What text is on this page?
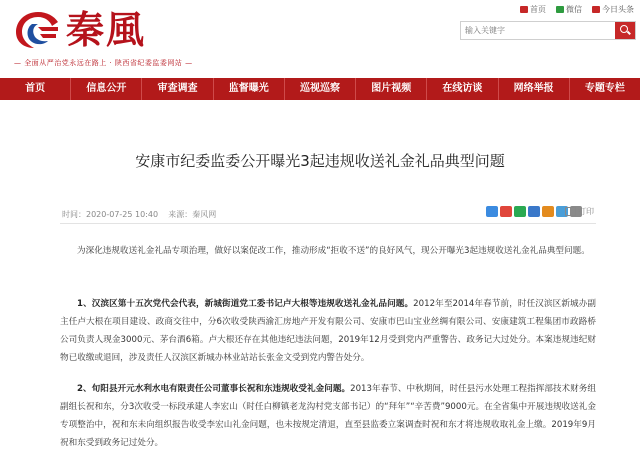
秦風
— 全面从严治党永远在路上 · 陕西省纪委监委网站 —
首页	微信	今日头条
输入关键字
首页	信息公开	审查调查	监督曝光	巡视巡察	图片视频	在线访谈	网络举报	专题专栏
安康市纪委监委公开曝光3起违规收送礼金礼品典型问题
时间：2020-07-25 10:40 来源：秦风网	打印

为深化违规收送礼金礼品专项治理，做好以案促改工作，推动形成“拒收不送”的良好风气，现公开曝光3起违规收送礼金礼品典型问题。

1、汉滨区第十五次党代会代表，新城街道党工委书记卢大根等违规收送礼金礼品问题。2012年至2014年春节前，时任汉滨区新城办副主任卢大根在项目建设、政商交往中，分6次收受陕西渝汇房地产开发有限公司、安康市巴山宝业丝绸有限公司、安康建筑工程集团市政路桥公司负责人现金3000元、茅台酒6箱。卢大根还存在其他违纪违法问题，2019年12月受到党内严重警告、政务记大过处分。本案违规违纪财物已收缴或退回，涉及责任人汉滨区新城办林业站站长张金文受到党内警告处分。

2、旬阳县开元水利水电有限责任公司董事长祝和东违规收受礼金问题。2013年春节、中秋期间，时任县污水处理工程指挥部技术财务组副组长祝和东，分3次收受一标段承建人李宏山（时任白柳镇老龙沟村党支部书记）的“拜年”“辛苦费”9000元。在全省集中开展违规收送礼金专项整治中，祝和东未向组织报告收受李宏山礼金问题，也未按规定清退，直至县监委立案调查时祝和东才将违规收取礼金上缴。2019年9月祝和东受到政务记过处分。
